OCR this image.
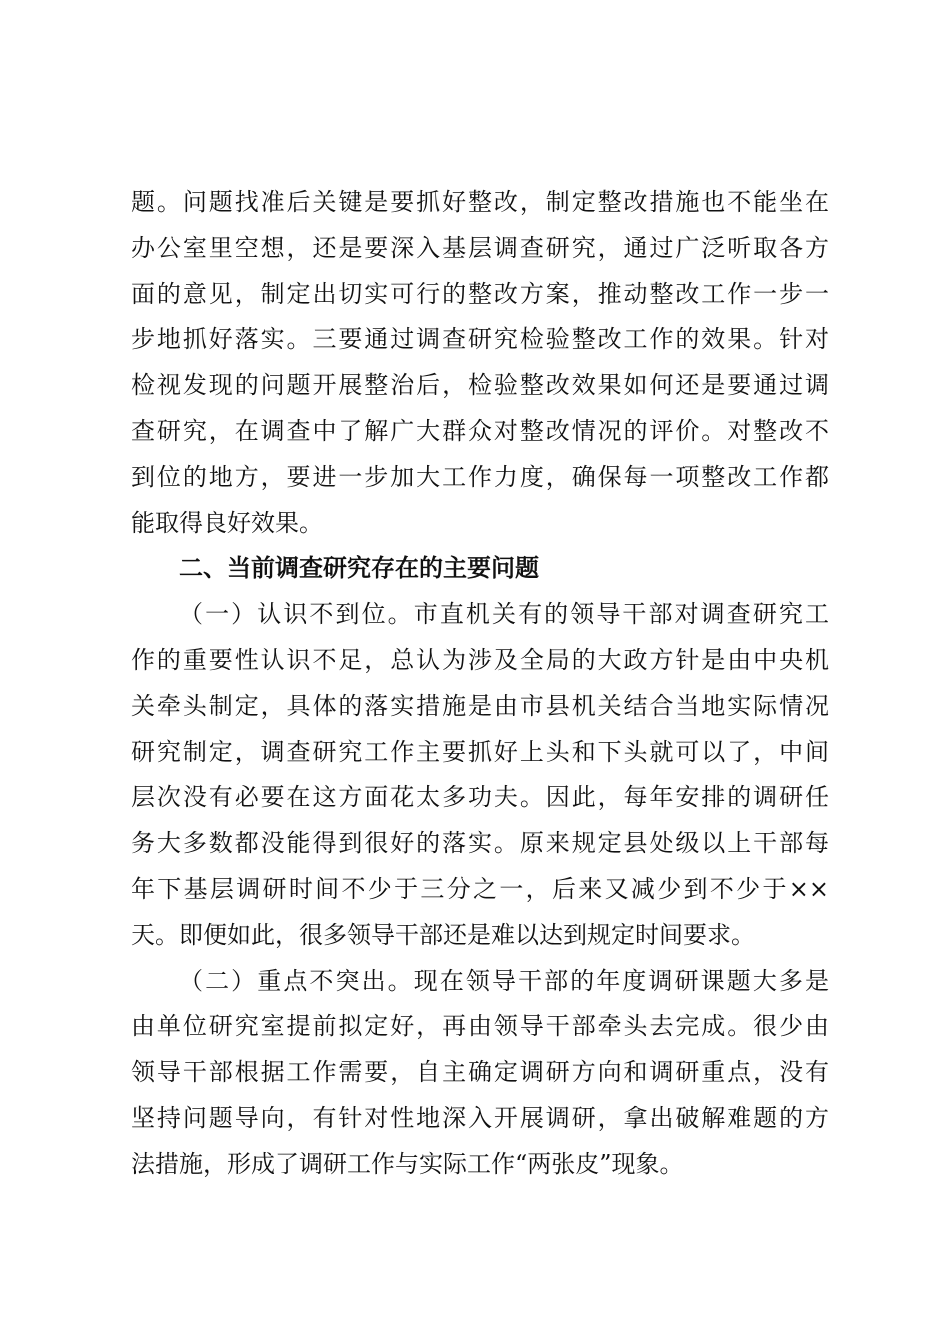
题。问题找准后关键是要抓好整改，制定整改措施也不能坐在
办公室里空想，还是要深入基层调查研究，通过广泛听取各方
面的意见，制定出切实可行的整改方案，推动整改工作一步一
步地抓好落实。三要通过调查研究检验整改工作的效果。针对
检视发现的问题开展整治后，检验整改效果如何还是要通过调
查研究，在调查中了解广大群众对整改情况的评价。对整改不
到位的地方，要进一步加大工作力度，确保每一项整改工作都
能取得良好效果。
二、当前调查研究存在的主要问题
（一）认识不到位。市直机关有的领导干部对调查研究工
作的重要性认识不足，总认为涉及全局的大政方针是由中央机
关牵头制定，具体的落实措施是由市县机关结合当地实际情况
研究制定，调查研究工作主要抓好上头和下头就可以了，中间
层次没有必要在这方面花太多功夫。因此，每年安排的调研任
务大多数都没能得到很好的落实。原来规定县处级以上干部每
年下基层调研时间不少于三分之一，后来又减少到不少于××
天。即便如此，很多领导干部还是难以达到规定时间要求。
（二）重点不突出。现在领导干部的年度调研课题大多是
由单位研究室提前拟定好，再由领导干部牵头去完成。很少由
领导干部根据工作需要，自主确定调研方向和调研重点，没有
坚持问题导向，有针对性地深入开展调研，拿出破解难题的方
法措施，形成了调研工作与实际工作“两张皮”现象。
